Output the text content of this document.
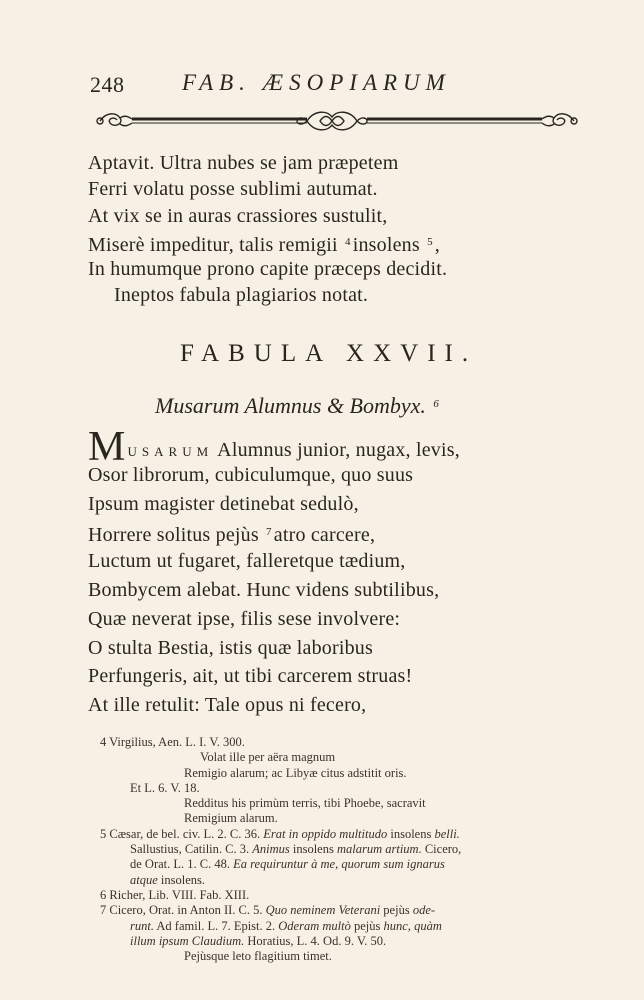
248	FAB. ÆSOPIARUM
Aptavit. Ultra nubes se jam præpetem
Ferri volatu posse sublimi autumat.
At vix se in auras crassiores sustulit,
Miserè impeditur, talis remigii $^4$ insolens $^5$ ,
In humumque prono capite præceps decidit.
Ineptos fabula plagiarios notat.
FABULA XXVII.
Musarum Alumnus & Bombyx. $^6$
MUSARUM Alumnus junior, nugax, levis,
Osor librorum, cubiculumque, quo suus
Ipsum magister detinebat sedulò,
Horrere solitus pejùs $^7$ atro carcere,
Luctum ut fugaret, falleretque tædium,
Bombycem alebat. Hunc videns subtilibus,
Quæ neverat ipse, filis sese involvere:
O stulta Bestia, istis quæ laboribus
Perfungeris, ait, ut tibi carcerem struas!
At ille retulit: Tale opus ni fecero,
4 Virgilius, Aen. L. I. V. 300.
Volat ille per aëra magnum
Remigio alarum; ac Libyæ citus adstitit oris.
Et L. 6. V. 18.
Redditus his primùm terris, tibi Phoebe, sacravit
Remigium alarum.
5 Cæsar, de bel. civ. L. 2. C. 36. Erat in oppido multitudo insolens belli.
Sallustius, Catilin. C. 3. Animus insolens malarum artium. Cicero,
de Orat. L. 1. C. 48. Ea requiruntur à me, quorum sum ignarus
atque insolens.
6 Richer, Lib. VIII. Fab. XIII.
7 Cicero, Orat. in Anton II. C. 5. Quo neminem Veterani pejùs ode-
runt. Ad famil. L. 7. Epist. 2. Oderam multò pejùs hunc, quàm
illum ipsum Claudium. Horatius, L. 4. Od. 9. V. 50.
Pejùsque leto flagitium timet.
